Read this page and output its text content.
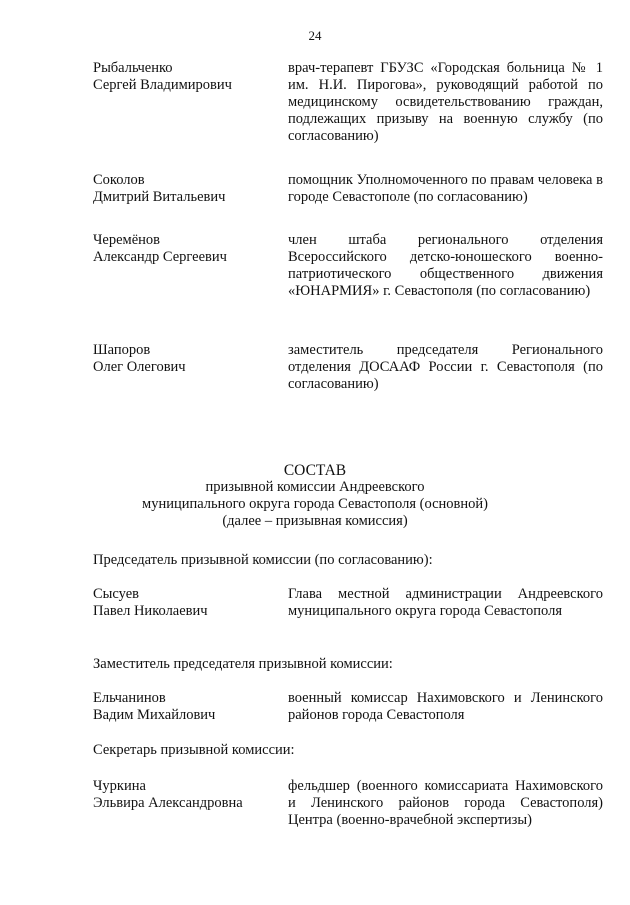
24
Рыбальченко
Сергей Владимирович
врач-терапевт ГБУЗС «Городская больница № 1 им. Н.И. Пирогова», руководящий работой по медицинскому освидетельствованию граждан, подлежащих призыву на военную службу (по согласованию)
Соколов
Дмитрий Витальевич
помощник Уполномоченного по правам человека в городе Севастополе (по согласованию)
Черемёнов
Александр Сергеевич
член штаба регионального отделения Всероссийского детско-юношеского военно-патриотического общественного движения «ЮНАРМИЯ» г. Севастополя (по согласованию)
Шапоров
Олег Олегович
заместитель председателя Регионального отделения ДОСААФ России г. Севастополя (по согласованию)
СОСТАВ
призывной комиссии Андреевского
муниципального округа города Севастополя (основной)
(далее – призывная комиссия)
Председатель призывной комиссии (по согласованию):
Сысуев
Павел Николаевич
Глава местной администрации Андреевского муниципального округа города Севастополя
Заместитель председателя призывной комиссии:
Ельчанинов
Вадим Михайлович
военный комиссар Нахимовского и Ленинского районов города Севастополя
Секретарь призывной комиссии:
Чуркина
Эльвира Александровна
фельдшер (военного комиссариата Нахимовского и Ленинского районов города Севастополя) Центра (военно-врачебной экспертизы)
